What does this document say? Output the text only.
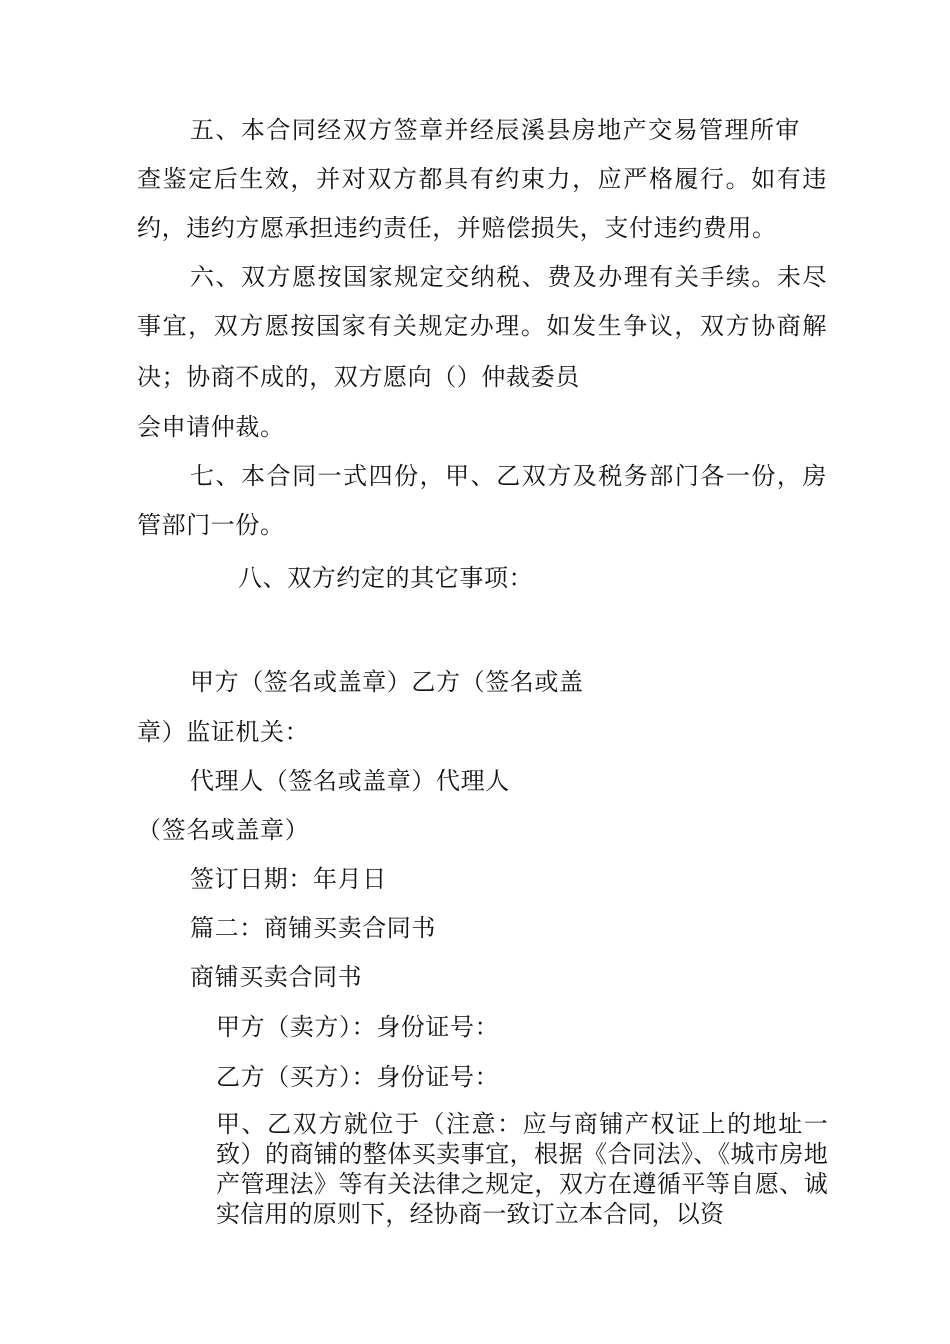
五、本合同经双方签章并经辰溪县房地产交易管理所审

查鉴定后生效，并对双方都具有约束力，应严格履行。如有违

约，违约方愿承担违约责任，并赔偿损失，支付违约费用。

六、双方愿按国家规定交纳税、费及办理有关手续。未尽

事宜，双方愿按国家有关规定办理。如发生争议，双方协商解

决；协商不成的，双方愿向（）仲裁委员

会申请仲裁。

七、本合同一式四份，甲、乙双方及税务部门各一份，房

管部门一份。

八、双方约定的其它事项：

甲方（签名或盖章）乙方（签名或盖

章）监证机关：

代理人（签名或盖章）代理人

（签名或盖章）

签订日期：年月日

篇二：商铺买卖合同书

商铺买卖合同书

甲方（卖方）：身份证号：

乙方（买方）：身份证号：

甲、乙双方就位于（注意：应与商铺产权证上的地址一致）的商铺的整体买卖事宜，根据《合同法》、《城市房地产管理法》等有关法律之规定，双方在遵循平等自愿、诚实信用的原则下，经协商一致订立本合同，以资
